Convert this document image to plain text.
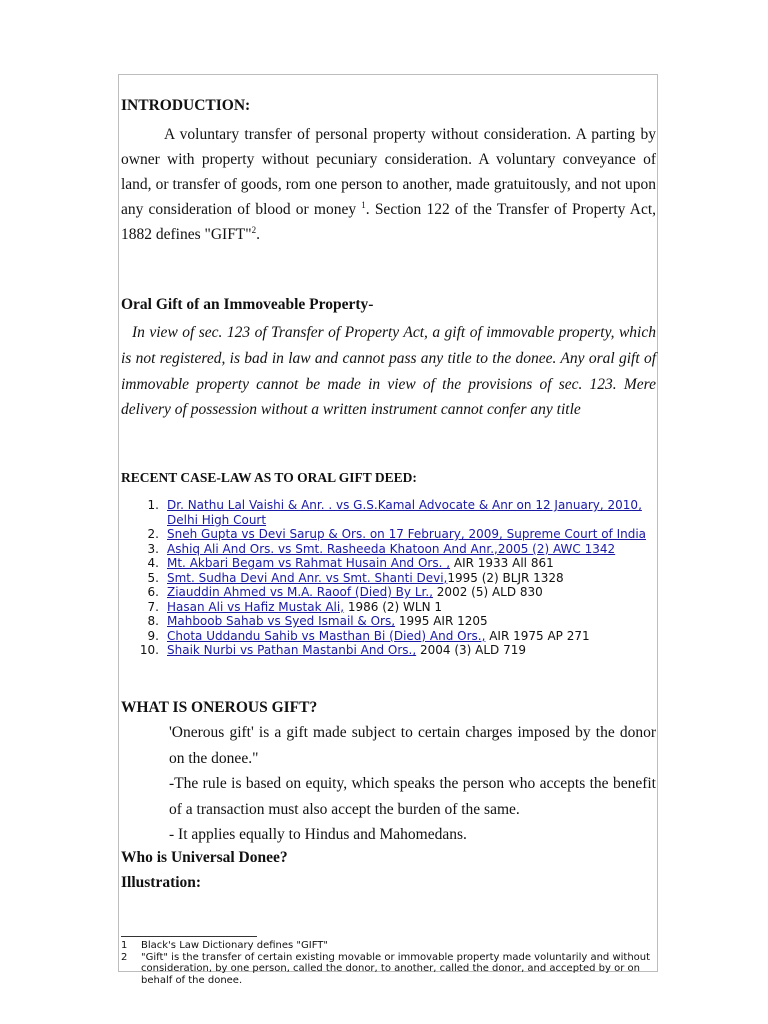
INTRODUCTION:

A voluntary transfer of personal property without consideration. A parting by owner with property without pecuniary consideration. A voluntary conveyance of land, or transfer of goods, rom one person to another, made gratuitously, and not upon any consideration of blood or money $^1$. Section 122 of the Transfer of Property Act, 1882 defines "GIFT"$^2$.

Oral Gift of an Immoveable Property-

In view of sec. 123 of Transfer of Property Act, a gift of immovable property, which is not registered, is bad in law and cannot pass any title to the donee. Any oral gift of immovable property cannot be made in view of the provisions of sec. 123. Mere delivery of possession without a written instrument cannot confer any title

RECENT CASE-LAW AS TO ORAL GIFT DEED:
1. Dr. Nathu Lal Vaishi & Anr. . vs G.S.Kamal Advocate & Anr on 12 January, 2010, Delhi High Court
2. Sneh Gupta vs Devi Sarup & Ors. on 17 February, 2009, Supreme Court of India
3. Ashiq Ali And Ors. vs Smt. Rasheeda Khatoon And Anr.,2005 (2) AWC 1342
4. Mt. Akbari Begam vs Rahmat Husain And Ors. , AIR 1933 All 861
5. Smt. Sudha Devi And Anr. vs Smt. Shanti Devi,1995 (2) BLJR 1328
6. Ziauddin Ahmed vs M.A. Raoof (Died) By Lr., 2002 (5) ALD 830
7. Hasan Ali vs Hafiz Mustak Ali, 1986 (2) WLN 1
8. Mahboob Sahab vs Syed Ismail & Ors, 1995 AIR 1205
9. Chota Uddandu Sahib vs Masthan Bi (Died) And Ors., AIR 1975 AP 271
10. Shaik Nurbi vs Pathan Mastanbi And Ors., 2004 (3) ALD 719
WHAT IS ONEROUS GIFT?

'Onerous gift' is a gift made subject to certain charges imposed by the donor on the donee."

-The rule is based on equity, which speaks the person who accepts the benefit of a transaction must also accept the burden of the same.

- It applies equally to Hindus and Mahomedans.

Who is Universal Donee?
Illustration:
1	Black's Law Dictionary defines "GIFT"
2	"Gift" is the transfer of certain existing movable or immovable property made voluntarily and without consideration, by one person, called the donor, to another, called the donor, and accepted by or on behalf of the donee.
